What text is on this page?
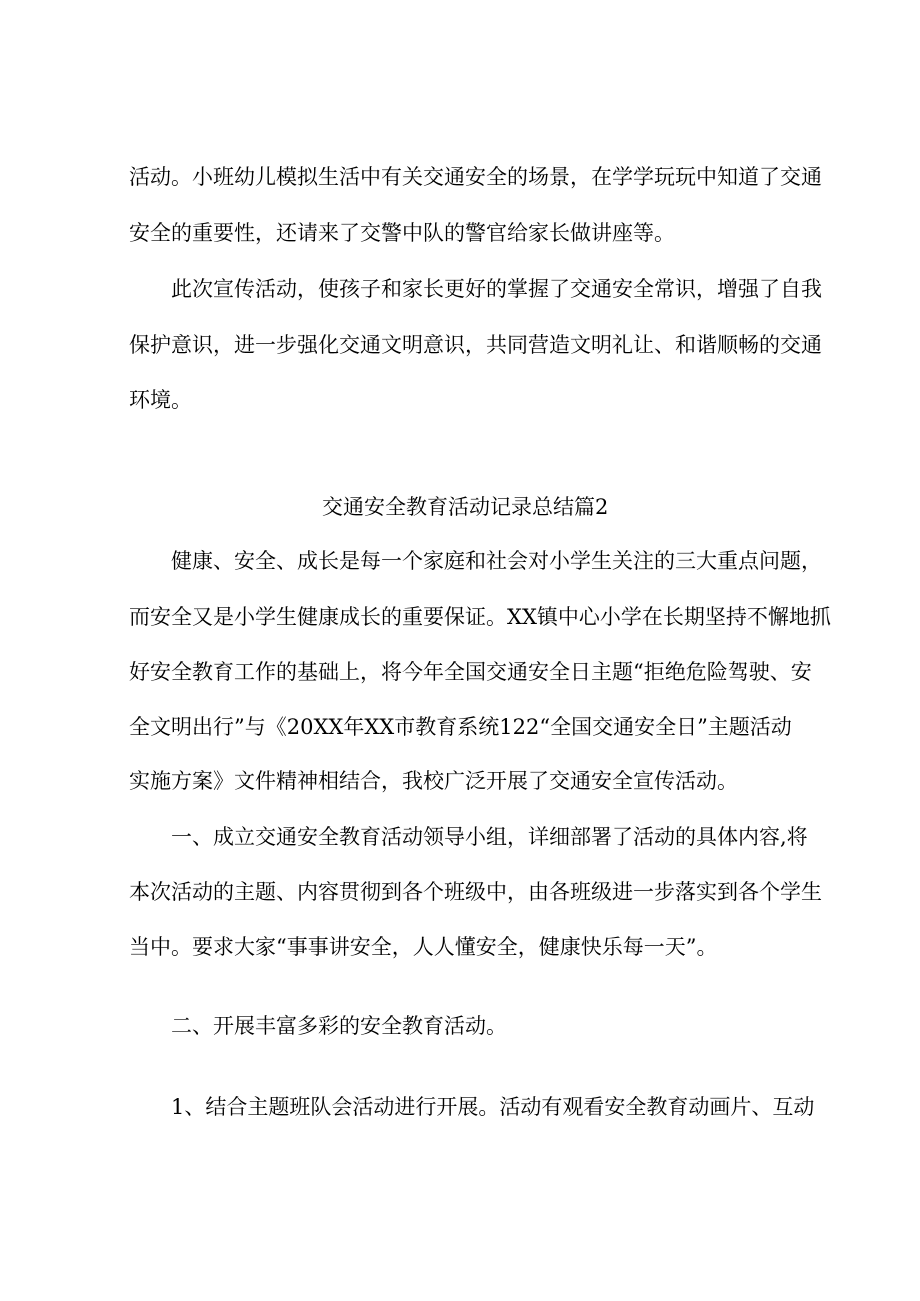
活动。小班幼儿模拟生活中有关交通安全的场景，在学学玩玩中知道了交通
安全的重要性，还请来了交警中队的警官给家长做讲座等。
此次宣传活动，使孩子和家长更好的掌握了交通安全常识，增强了自我
保护意识，进一步强化交通文明意识，共同营造文明礼让、和谐顺畅的交通
环境。
交通安全教育活动记录总结篇2
健康、安全、成长是每一个家庭和社会对小学生关注的三大重点问题，
而安全又是小学生健康成长的重要保证。XX镇中心小学在长期坚持不懈地抓
好安全教育工作的基础上，将今年全国交通安全日主题“拒绝危险驾驶、安
全文明出行”与《20XX年XX市教育系统122“全国交通安全日”主题活动
实施方案》文件精神相结合，我校广泛开展了交通安全宣传活动。
一、成立交通安全教育活动领导小组，详细部署了活动的具体内容,将
本次活动的主题、内容贯彻到各个班级中，由各班级进一步落实到各个学生
当中。要求大家“事事讲安全，人人懂安全，健康快乐每一天”。
二、开展丰富多彩的安全教育活动。
1、结合主题班队会活动进行开展。活动有观看安全教育动画片、互动
